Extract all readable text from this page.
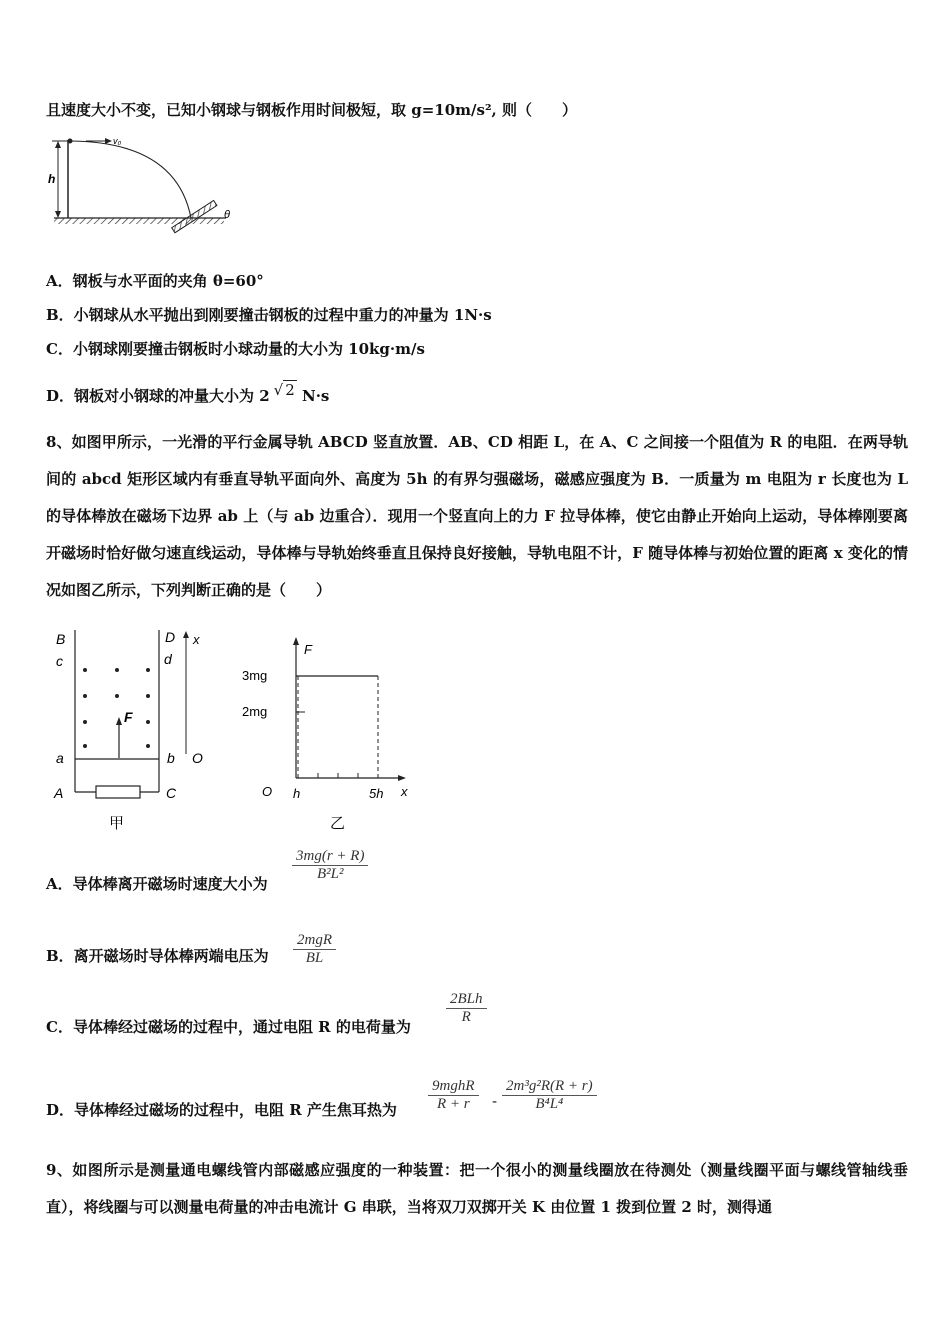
且速度大小不变，已知小钢球与钢板作用时间极短，取 g=10m/s², 则（　　）
h
v₀
θ
A．钢板与水平面的夹角 θ=60°
B．小钢球从水平抛出到刚要撞击钢板的过程中重力的冲量为 1N·s
C．小钢球刚要撞击钢板时小球动量的大小为 10kg·m/s
D．钢板对小钢球的冲量大小为 2 √ 2 N·s
8、如图甲所示，一光滑的平行金属导轨 ABCD 竖直放置．AB、CD 相距 L，在 A、C 之间接一个阻值为 R 的电阻．在两导轨间的 abcd 矩形区域内有垂直导轨平面向外、高度为 5h 的有界匀强磁场，磁感应强度为 B．一质量为 m 电阻为 r 长度也为 L 的导体棒放在磁场下边界 ab 上（与 ab 边重合）．现用一个竖直向上的力 F 拉导体棒，使它由静止开始向上运动，导体棒刚要离开磁场时恰好做匀速直线运动，导体棒与导轨始终垂直且保持良好接触，导轨电阻不计，F 随导体棒与初始位置的距离 x 变化的情况如图乙所示，下列判断正确的是（　　）
B	D x
c	d
F
a	b O
A	C
甲
F
x
3mg
2mg
O h	5h
乙
A．导体棒离开磁场时速度大小为
3mg(r + R)
B²L²
B．离开磁场时导体棒两端电压为
2mgR
BL
C．导体棒经过磁场的过程中，通过电阻 R 的电荷量为
2BLh
R
D．导体棒经过磁场的过程中，电阻 R 产生焦耳热为
9mghR
R + r	-
2m³g²R(R + r)
B⁴L⁴
9、如图所示是测量通电螺线管内部磁感应强度的一种装置：把一个很小的测量线圈放在待测处（测量线圈平面与螺线管轴线垂直），将线圈与可以测量电荷量的冲击电流计 G 串联，当将双刀双掷开关 K 由位置 1 拨到位置 2 时，测得通
